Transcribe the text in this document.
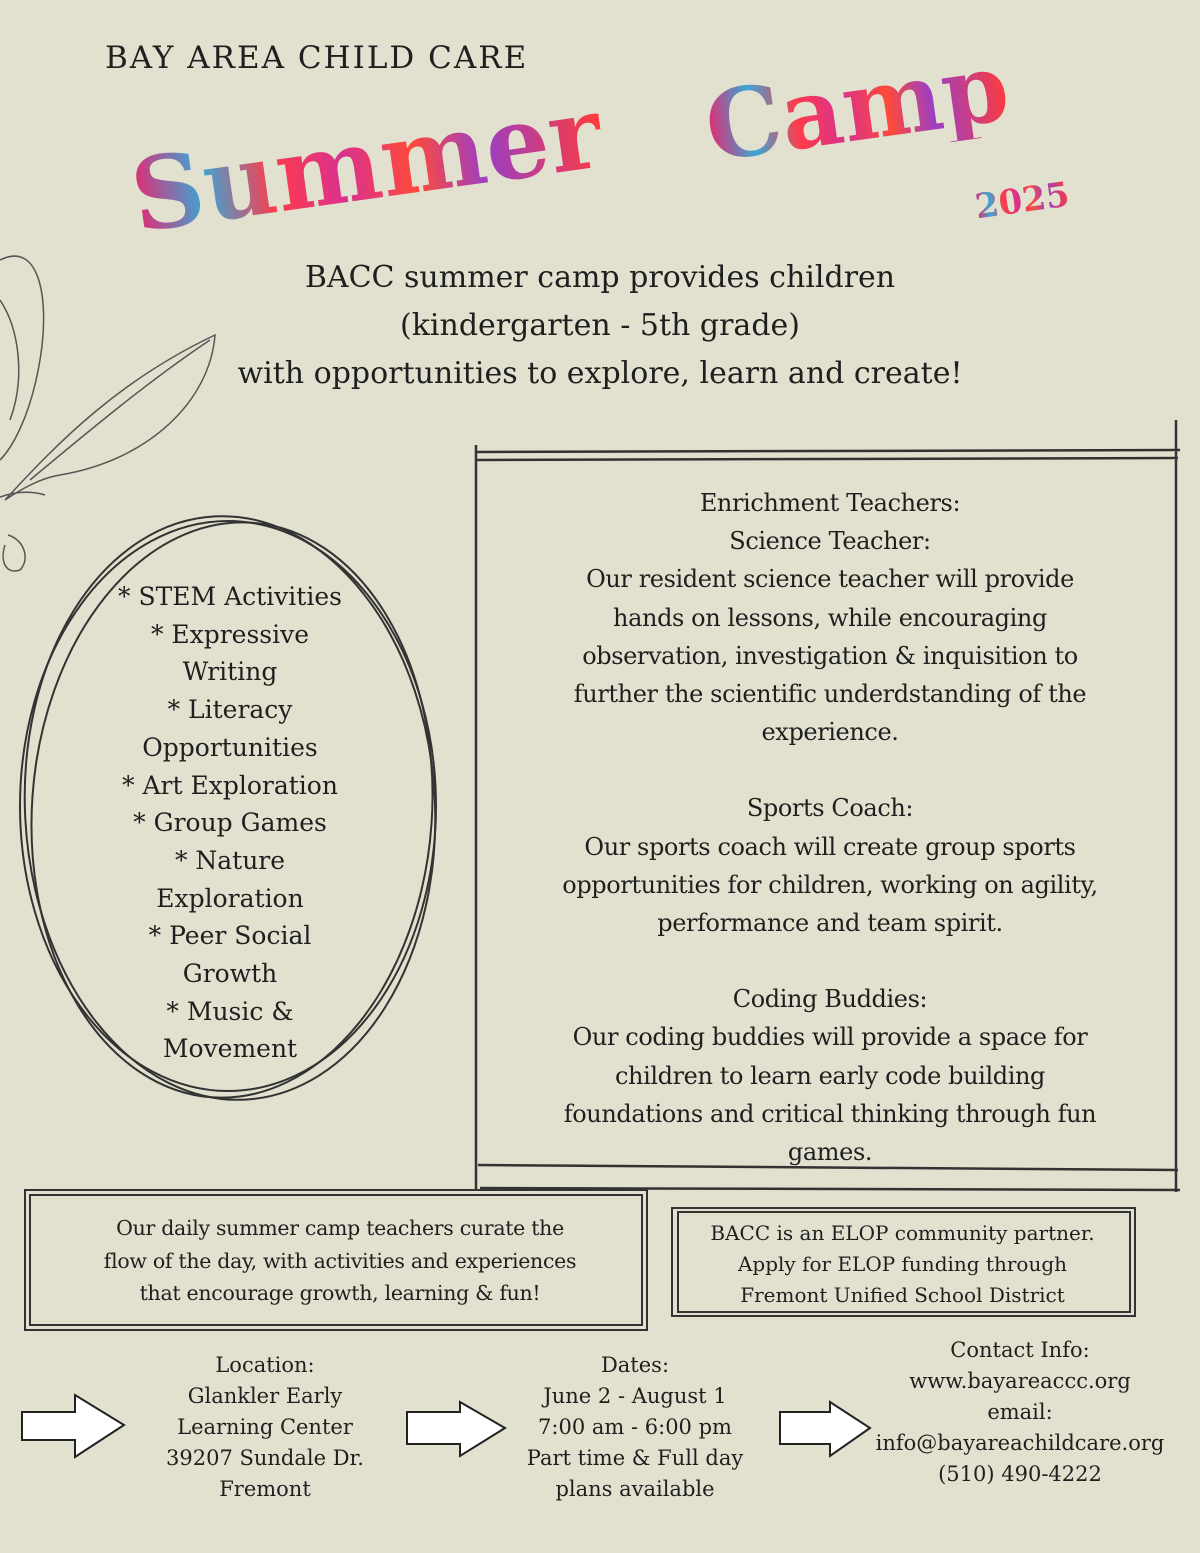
BAY AREA CHILD CARE
Summer Camp
2025
BACC summer camp provides children
(kindergarten - 5th grade)
with opportunities to explore, learn and create!
* STEM Activities
* Expressive
Writing
* Literacy
Opportunities
* Art Exploration
* Group Games
* Nature
Exploration
* Peer Social
Growth
* Music &
Movement
Enrichment Teachers:
Science Teacher:
Our resident science teacher will provide
hands on lessons, while encouraging
observation, investigation & inquisition to
further the scientific underdstanding of the
experience.
Sports Coach:
Our sports coach will create group sports
opportunities for children, working on agility,
performance and team spirit.
Coding Buddies:
Our coding buddies will provide a space for
children to learn early code building
foundations and critical thinking through fun
games.
Our daily summer camp teachers curate the
flow of the day, with activities and experiences
that encourage growth, learning & fun!
BACC is an ELOP community partner.
Apply for ELOP funding through
Fremont Unified School District
Location:
Glankler Early
Learning Center
39207 Sundale Dr.
Fremont
Dates:
June 2 - August 1
7:00 am - 6:00 pm
Part time & Full day
plans available
Contact Info:
www.bayareaccc.org
email:
info@bayareachildcare.org
(510) 490-4222
